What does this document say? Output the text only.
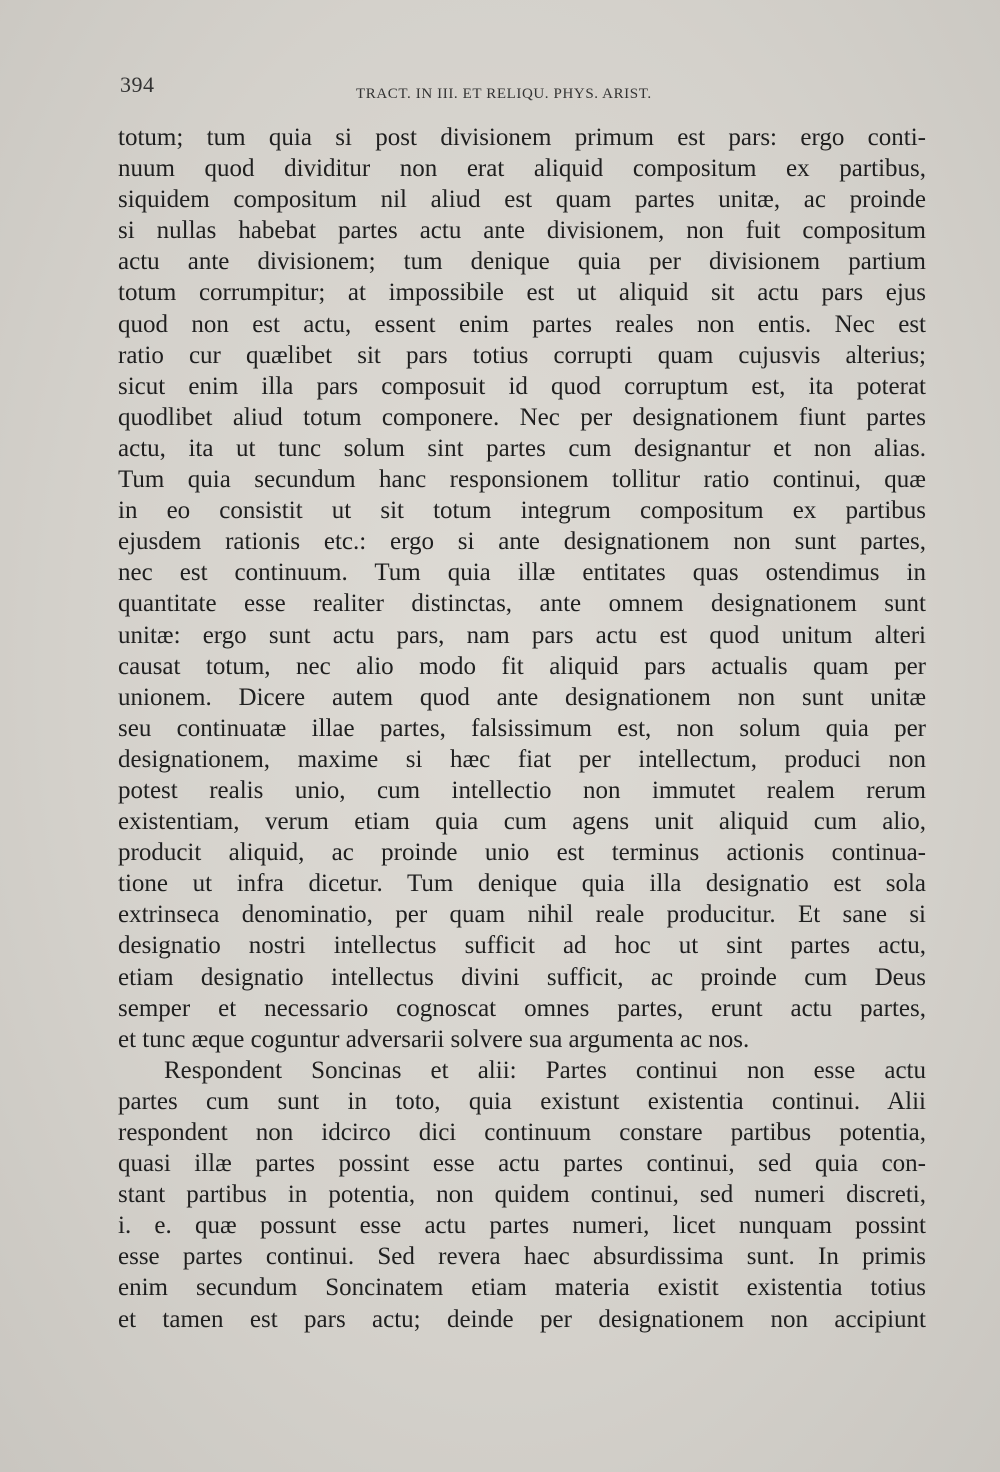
394	TRACT. IN III. ET RELIQU. PHYS. ARIST.
totum; tum quia si post divisionem primum est pars: ergo conti-
nuum quod dividitur non erat aliquid compositum ex partibus,
siquidem compositum nil aliud est quam partes unitæ, ac proinde
si nullas habebat partes actu ante divisionem, non fuit compositum
actu ante divisionem; tum denique quia per divisionem partium
totum corrumpitur; at impossibile est ut aliquid sit actu pars ejus
quod non est actu, essent enim partes reales non entis. Nec est
ratio cur quælibet sit pars totius corrupti quam cujusvis alterius;
sicut enim illa pars composuit id quod corruptum est, ita poterat
quodlibet aliud totum componere. Nec per designationem fiunt partes
actu, ita ut tunc solum sint partes cum designantur et non alias.
Tum quia secundum hanc responsionem tollitur ratio continui, quæ
in eo consistit ut sit totum integrum compositum ex partibus
ejusdem rationis etc.: ergo si ante designationem non sunt partes,
nec est continuum. Tum quia illæ entitates quas ostendimus in
quantitate esse realiter distinctas, ante omnem designationem sunt
unitæ: ergo sunt actu pars, nam pars actu est quod unitum alteri
causat totum, nec alio modo fit aliquid pars actualis quam per
unionem. Dicere autem quod ante designationem non sunt unitæ
seu continuatæ illae partes, falsissimum est, non solum quia per
designationem, maxime si hæc fiat per intellectum, produci non
potest realis unio, cum intellectio non immutet realem rerum
existentiam, verum etiam quia cum agens unit aliquid cum alio,
producit aliquid, ac proinde unio est terminus actionis continua-
tione ut infra dicetur. Tum denique quia illa designatio est sola
extrinseca denominatio, per quam nihil reale producitur. Et sane si
designatio nostri intellectus sufficit ad hoc ut sint partes actu,
etiam designatio intellectus divini sufficit, ac proinde cum Deus
semper et necessario cognoscat omnes partes, erunt actu partes,
et tunc æque coguntur adversarii solvere sua argumenta ac nos.
Respondent Soncinas et alii: Partes continui non esse actu
partes cum sunt in toto, quia existunt existentia continui. Alii
respondent non idcirco dici continuum constare partibus potentia,
quasi illæ partes possint esse actu partes continui, sed quia con-
stant partibus in potentia, non quidem continui, sed numeri discreti,
i. e. quæ possunt esse actu partes numeri, licet nunquam possint
esse partes continui. Sed revera haec absurdissima sunt. In primis
enim secundum Soncinatem etiam materia existit existentia totius
et tamen est pars actu; deinde per designationem non accipiunt
